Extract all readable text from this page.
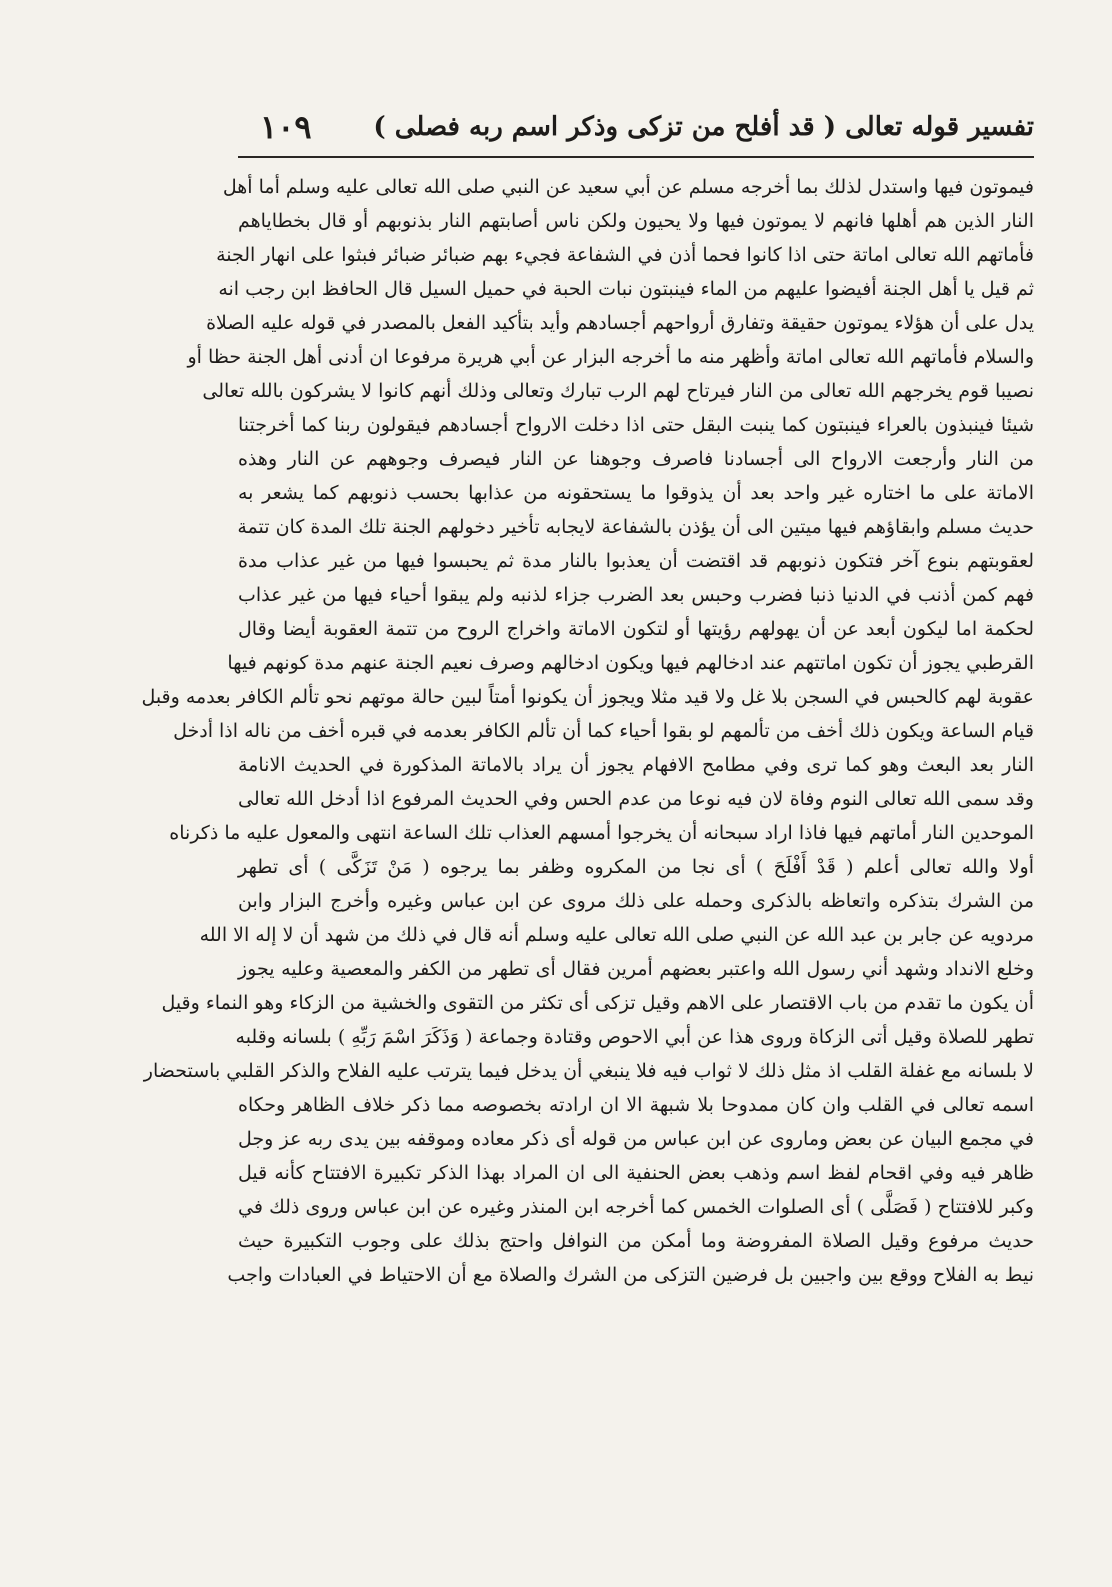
تفسير قوله تعالى ( قد أفلح من تزكى وذكر اسم ربه فصلى )
١٠٩
فيموتون فيها واستدل لذلك بما أخرجه مسلم عن أبي سعيد عن النبي صلى الله تعالى عليه وسلم أما أهل
النار الذين هم أهلها فانهم لا يموتون فيها ولا يحيون ولكن ناس أصابتهم النار بذنوبهم أو قال بخطاياهم
فأماتهم الله تعالى اماتة حتى اذا كانوا فحما أذن في الشفاعة فجيء بهم ضبائر ضبائر فبثوا على انهار الجنة
ثم قيل يا أهل الجنة أفيضوا عليهم من الماء فينبتون نبات الحبة في حميل السيل قال الحافظ ابن رجب انه
يدل على أن هؤلاء يموتون حقيقة وتفارق أرواحهم أجسادهم وأيد بتأكيد الفعل بالمصدر في قوله عليه الصلاة
والسلام فأماتهم الله تعالى اماتة وأظهر منه ما أخرجه البزار عن أبي هريرة مرفوعا ان أدنى أهل الجنة حظا أو
نصيبا قوم يخرجهم الله تعالى من النار فيرتاح لهم الرب تبارك وتعالى وذلك أنهم كانوا لا يشركون بالله تعالى
شيئا فينبذون بالعراء فينبتون كما ينبت البقل حتى اذا دخلت الارواح أجسادهم فيقولون ربنا كما أخرجتنا
من النار وأرجعت الارواح الى أجسادنا فاصرف وجوهنا عن النار فيصرف وجوههم عن النار وهذه
الاماتة على ما اختاره غير واحد بعد أن يذوقوا ما يستحقونه من عذابها بحسب ذنوبهم كما يشعر به
حديث مسلم وابقاؤهم فيها ميتين الى أن يؤذن بالشفاعة لايجابه تأخير دخولهم الجنة تلك المدة كان تتمة
لعقوبتهم بنوع آخر فتكون ذنوبهم قد اقتضت أن يعذبوا بالنار مدة ثم يحبسوا فيها من غير عذاب مدة
فهم كمن أذنب في الدنيا ذنبا فضرب وحبس بعد الضرب جزاء لذنبه ولم يبقوا أحياء فيها من غير عذاب
لحكمة اما ليكون أبعد عن أن يهولهم رؤيتها أو لتكون الاماتة واخراج الروح من تتمة العقوبة أيضا وقال
القرطبي يجوز أن تكون اماتتهم عند ادخالهم فيها ويكون ادخالهم وصرف نعيم الجنة عنهم مدة كونهم فيها
عقوبة لهم كالحبس في السجن بلا غل ولا قيد مثلا ويجوز أن يكونوا أمتاً لبين حالة موتهم نحو تألم الكافر بعدمه وقبل
قيام الساعة ويكون ذلك أخف من تألمهم لو بقوا أحياء كما أن تألم الكافر بعدمه في قبره أخف من ناله اذا أدخل
النار بعد البعث وهو كما ترى وفي مطامح الافهام يجوز أن يراد بالاماتة المذكورة في الحديث الانامة
وقد سمى الله تعالى النوم وفاة لان فيه نوعا من عدم الحس وفي الحديث المرفوع اذا أدخل الله تعالى
الموحدين النار أماتهم فيها فاذا اراد سبحانه أن يخرجوا أمسهم العذاب تلك الساعة انتهى والمعول عليه ما ذكرناه
أولا والله تعالى أعلم ( قَدْ أَفْلَحَ ) أى نجا من المكروه وظفر بما يرجوه ( مَنْ تَزَكَّى ) أى تطهر
من الشرك بتذكره واتعاظه بالذكرى وحمله على ذلك مروى عن ابن عباس وغيره وأخرج البزار وابن
مردويه عن جابر بن عبد الله عن النبي صلى الله تعالى عليه وسلم أنه قال في ذلك من شهد أن لا إله الا الله
وخلع الانداد وشهد أني رسول الله واعتبر بعضهم أمرين فقال أى تطهر من الكفر والمعصية وعليه يجوز
أن يكون ما تقدم من باب الاقتصار على الاهم وقيل تزكى أى تكثر من التقوى والخشية من الزكاء وهو النماء وقيل
تطهر للصلاة وقيل أتى الزكاة وروى هذا عن أبي الاحوص وقتادة وجماعة ( وَذَكَرَ اسْمَ رَبِّهِ ) بلسانه وقلبه
لا بلسانه مع غفلة القلب اذ مثل ذلك لا ثواب فيه فلا ينبغي أن يدخل فيما يترتب عليه الفلاح والذكر القلبي باستحضار
اسمه تعالى في القلب وان كان ممدوحا بلا شبهة الا ان ارادته بخصوصه مما ذكر خلاف الظاهر وحكاه
في مجمع البيان عن بعض وماروى عن ابن عباس من قوله أى ذكر معاده وموقفه بين يدى ربه عز وجل
ظاهر فيه وفي اقحام لفظ اسم وذهب بعض الحنفية الى ان المراد بهذا الذكر تكبيرة الافتتاح كأنه قيل
وكبر للافتتاح ( فَصَلَّى ) أى الصلوات الخمس كما أخرجه ابن المنذر وغيره عن ابن عباس وروى ذلك في
حديث مرفوع وقيل الصلاة المفروضة وما أمكن من النوافل واحتج بذلك على وجوب التكبيرة حيث
نيط به الفلاح ووقع بين واجبين بل فرضين التزكى من الشرك والصلاة مع أن الاحتياط في العبادات واجب
